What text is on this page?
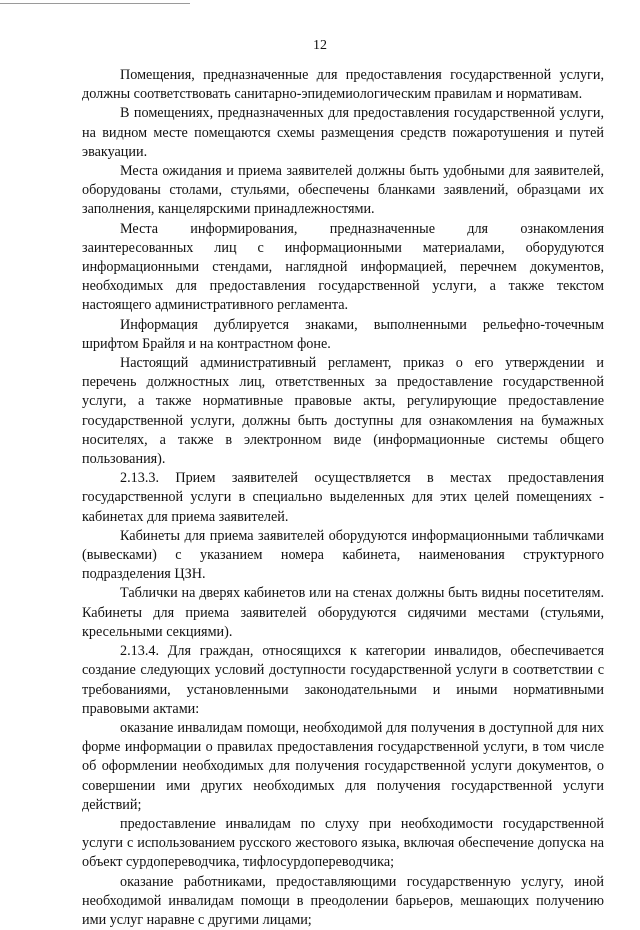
12

Помещения, предназначенные для предоставления государственной услуги, должны соответствовать санитарно-эпидемиологическим правилам и нормативам.

В помещениях, предназначенных для предоставления государственной услуги, на видном месте помещаются схемы размещения средств пожаротушения и путей эвакуации.

Места ожидания и приема заявителей должны быть удобными для заявителей, оборудованы столами, стульями, обеспечены бланками заявлений, образцами их заполнения, канцелярскими принадлежностями.

Места информирования, предназначенные для ознакомления заинтересованных лиц с информационными материалами, оборудуются информационными стендами, наглядной информацией, перечнем документов, необходимых для предоставления государственной услуги, а также текстом настоящего административного регламента.

Информация дублируется знаками, выполненными рельефно-точечным шрифтом Брайля и на контрастном фоне.

Настоящий административный регламент, приказ о его утверждении и перечень должностных лиц, ответственных за предоставление государственной услуги, а также нормативные правовые акты, регулирующие предоставление государственной услуги, должны быть доступны для ознакомления на бумажных носителях, а также в электронном виде (информационные системы общего пользования).

2.13.3. Прием заявителей осуществляется в местах предоставления государственной услуги в специально выделенных для этих целей помещениях - кабинетах для приема заявителей.

Кабинеты для приема заявителей оборудуются информационными табличками (вывесками) с указанием номера кабинета, наименования структурного подразделения ЦЗН.

Таблички на дверях кабинетов или на стенах должны быть видны посетителям. Кабинеты для приема заявителей оборудуются сидячими местами (стульями, кресельными секциями).

2.13.4. Для граждан, относящихся к категории инвалидов, обеспечивается создание следующих условий доступности государственной услуги в соответствии с требованиями, установленными законодательными и иными нормативными правовыми актами:

оказание инвалидам помощи, необходимой для получения в доступной для них форме информации о правилах предоставления государственной услуги, в том числе об оформлении необходимых для получения государственной услуги документов, о совершении ими других необходимых для получения государственной услуги действий;

предоставление инвалидам по слуху при необходимости государственной услуги с использованием русского жестового языка, включая обеспечение допуска на объект сурдопереводчика, тифлосурдопереводчика;

оказание работниками, предоставляющими государственную услугу, иной необходимой инвалидам помощи в преодолении барьеров, мешающих получению ими услуг наравне с другими лицами;
